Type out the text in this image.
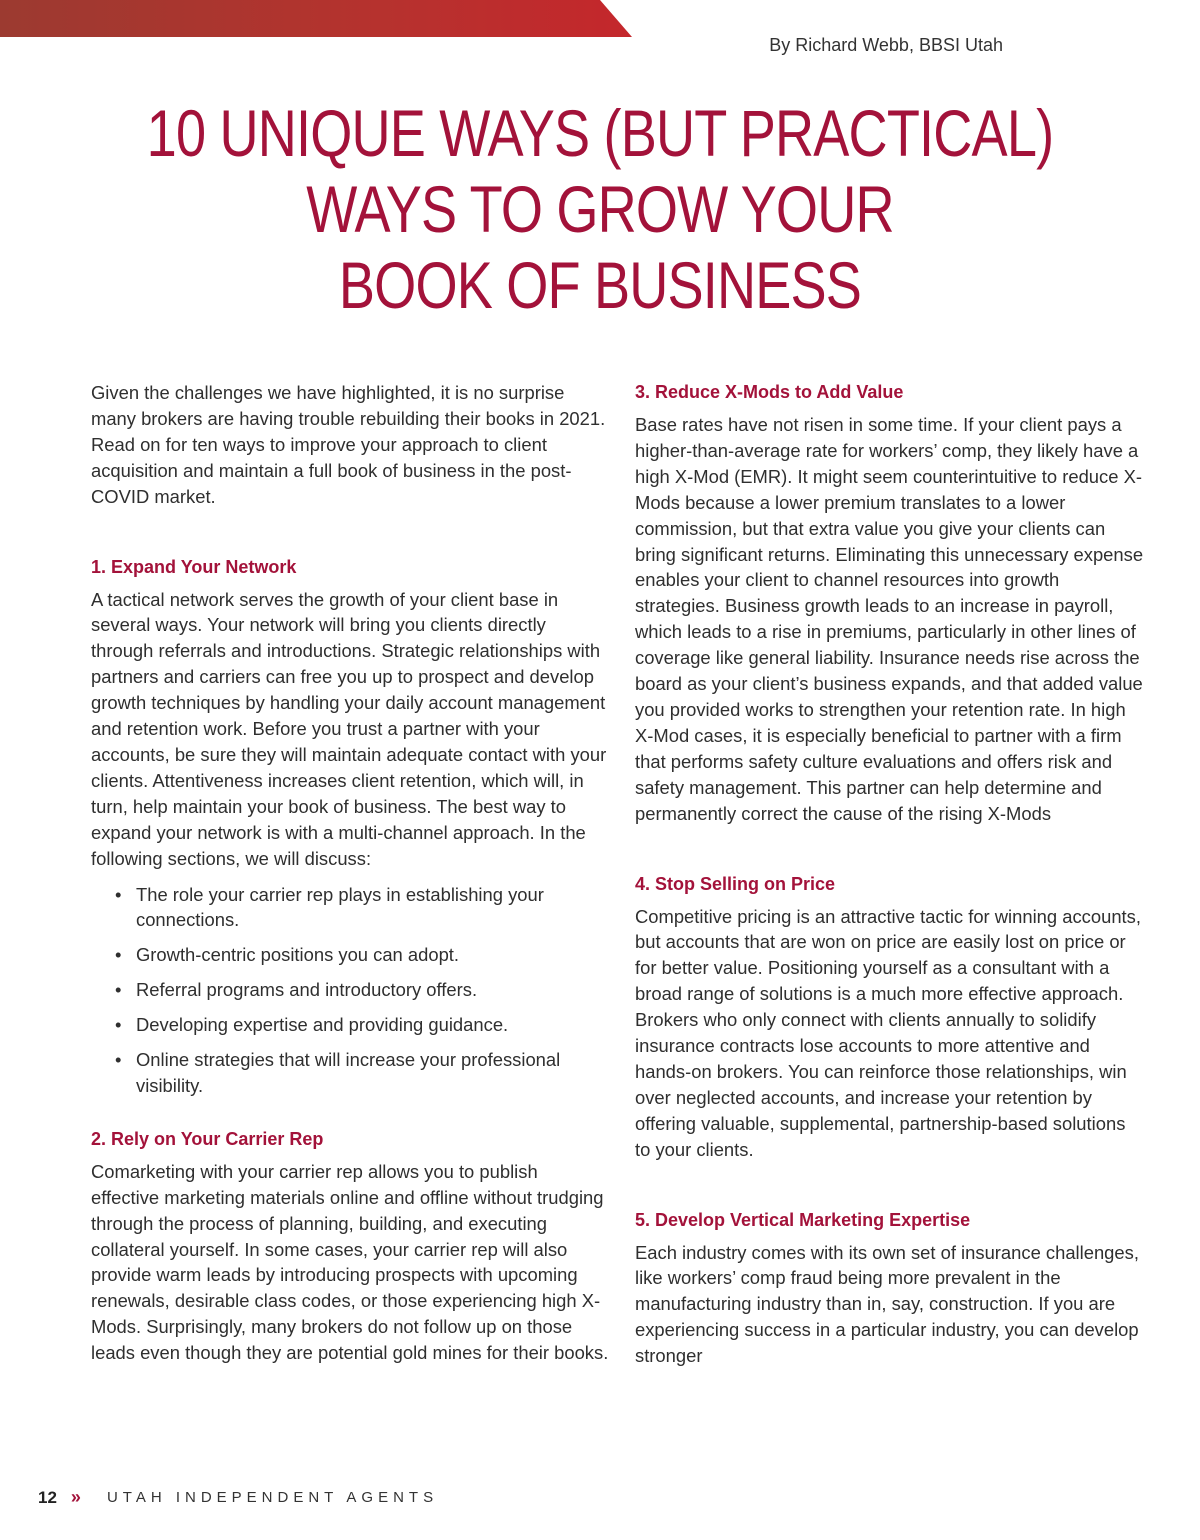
By Richard Webb, BBSI Utah
10 UNIQUE WAYS (BUT PRACTICAL)
WAYS TO GROW YOUR
BOOK OF BUSINESS

Given the challenges we have highlighted, it is no surprise many brokers are having trouble rebuilding their books in 2021. Read on for ten ways to improve your approach to client acquisition and maintain a full book of business in the post-COVID market.

1. Expand Your Network

A tactical network serves the growth of your client base in several ways. Your network will bring you clients directly through referrals and introductions. Strategic relationships with partners and carriers can free you up to prospect and develop growth techniques by handling your daily account management and retention work. Before you trust a partner with your accounts, be sure they will maintain adequate contact with your clients. Attentiveness increases client retention, which will, in turn, help maintain your book of business. The best way to expand your network is with a multi-channel approach. In the following sections, we will discuss:

• The role your carrier rep plays in establishing your connections.
• Growth-centric positions you can adopt.
• Referral programs and introductory offers.
• Developing expertise and providing guidance.
• Online strategies that will increase your professional visibility.
2. Rely on Your Carrier Rep

Comarketing with your carrier rep allows you to publish effective marketing materials online and offline without trudging through the process of planning, building, and executing collateral yourself. In some cases, your carrier rep will also provide warm leads by introducing prospects with upcoming renewals, desirable class codes, or those experiencing high X-Mods. Surprisingly, many brokers do not follow up on those leads even though they are potential gold mines for their books.

3. Reduce X-Mods to Add Value

Base rates have not risen in some time. If your client pays a higher-than-average rate for workers’ comp, they likely have a high X-Mod (EMR). It might seem counterintuitive to reduce X-Mods because a lower premium translates to a lower commission, but that extra value you give your clients can bring significant returns. Eliminating this unnecessary expense enables your client to channel resources into growth strategies. Business growth leads to an increase in payroll, which leads to a rise in premiums, particularly in other lines of coverage like general liability. Insurance needs rise across the board as your client’s business expands, and that added value you provided works to strengthen your retention rate. In high X-Mod cases, it is especially beneficial to partner with a firm that performs safety culture evaluations and offers risk and safety management. This partner can help determine and permanently correct the cause of the rising X-Mods

4. Stop Selling on Price

Competitive pricing is an attractive tactic for winning accounts, but accounts that are won on price are easily lost on price or for better value. Positioning yourself as a consultant with a broad range of solutions is a much more effective approach. Brokers who only connect with clients annually to solidify insurance contracts lose accounts to more attentive and hands-on brokers. You can reinforce those relationships, win over neglected accounts, and increase your retention by offering valuable, supplemental, partnership-based solutions to your clients.

5. Develop Vertical Marketing Expertise

Each industry comes with its own set of insurance challenges, like workers’ comp fraud being more prevalent in the manufacturing industry than in, say, construction. If you are experiencing success in a particular industry, you can develop stronger

12 » UTAH INDEPENDENT AGENTS
